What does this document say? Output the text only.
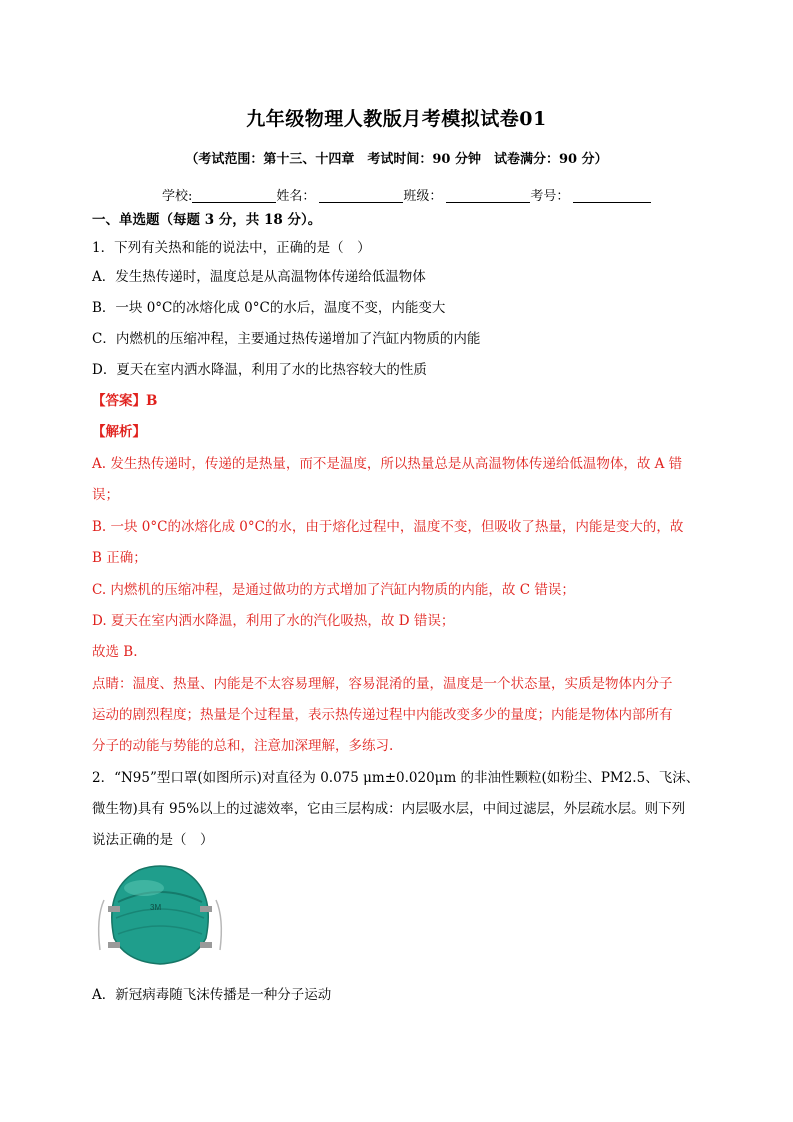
九年级物理人教版月考模拟试卷01
（考试范围：第十三、十四章　考试时间：90 分钟　试卷满分：90 分）
学校:	姓名：	班级：	考号：
一、单选题（每题 3 分，共 18 分）。
1．下列有关热和能的说法中，正确的是（　）
A．发生热传递时，温度总是从高温物体传递给低温物体
B．一块 0°C的冰熔化成 0°C的水后，温度不变，内能变大
C．内燃机的压缩冲程，主要通过热传递增加了汽缸内物质的内能
D．夏天在室内洒水降温，利用了水的比热容较大的性质
【答案】B
【解析】
A. 发生热传递时，传递的是热量，而不是温度，所以热量总是从高温物体传递给低温物体，故 A 错
误；
B. 一块 0°C的冰熔化成 0°C的水，由于熔化过程中，温度不变，但吸收了热量，内能是变大的，故
B 正确；
C. 内燃机的压缩冲程，是通过做功的方式增加了汽缸内物质的内能，故 C 错误；
D. 夏天在室内洒水降温，利用了水的汽化吸热，故 D 错误；
故选 B.
点睛：温度、热量、内能是不太容易理解，容易混淆的量，温度是一个状态量，实质是物体内分子
运动的剧烈程度；热量是个过程量，表示热传递过程中内能改变多少的量度；内能是物体内部所有
分子的动能与势能的总和，注意加深理解，多练习.
2．“N95”型口罩(如图所示)对直径为 0.075 μm±0.020μm 的非油性颗粒(如粉尘、PM2.5、飞沫、
微生物)具有 95%以上的过滤效率，它由三层构成：内层吸水层，中间过滤层，外层疏水层。则下列
说法正确的是（　）
3M
A．新冠病毒随飞沫传播是一种分子运动
